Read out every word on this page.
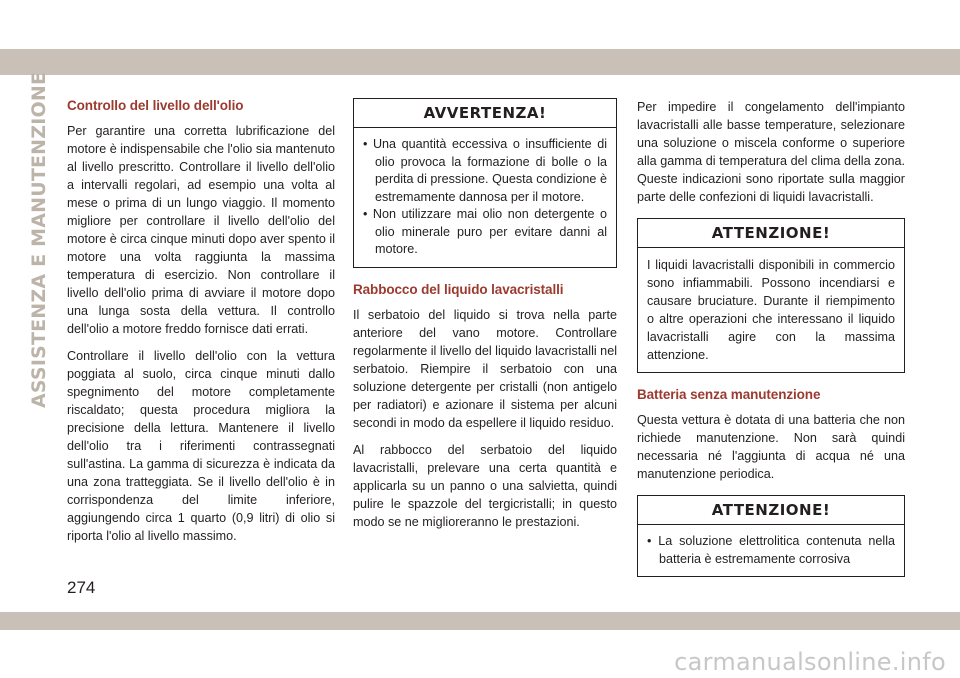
ASSISTENZA E MANUTENZIONE Controllo del livello dell'olio

Per garantire una corretta lubrificazione del motore è indispensabile che l'olio sia mantenuto al livello prescritto. Controllare il livello dell'olio a intervalli regolari, ad esempio una volta al mese o prima di un lungo viaggio. Il momento migliore per controllare il livello dell'olio del motore è circa cinque minuti dopo aver spento il motore una volta raggiunta la massima temperatura di esercizio. Non controllare il livello dell'olio prima di avviare il motore dopo una lunga sosta della vettura. Il controllo dell'olio a motore freddo fornisce dati errati.

Controllare il livello dell'olio con la vettura poggiata al suolo, circa cinque minuti dallo spegnimento del motore completamente riscaldato; questa procedura migliora la precisione della lettura. Mantenere il livello dell'olio tra i riferimenti contrassegnati sull'astina. La gamma di sicurezza è indicata da una zona tratteggiata. Se il livello dell'olio è in corrispondenza del limite inferiore, aggiungendo circa 1 quarto (0,9 litri) di olio si riporta l'olio al livello massimo.

AVVERTENZA!
• Una quantità eccessiva o insufficiente di olio provoca la formazione di bolle o la perdita di pressione. Questa condizione è estremamente dannosa per il motore.
• Non utilizzare mai olio non detergente o olio minerale puro per evitare danni al motore.
Rabbocco del liquido lavacristalli

Il serbatoio del liquido si trova nella parte anteriore del vano motore. Controllare regolarmente il livello del liquido lavacristalli nel serbatoio. Riempire il serbatoio con una soluzione detergente per cristalli (non antigelo per radiatori) e azionare il sistema per alcuni secondi in modo da espellere il liquido residuo.

Al rabbocco del serbatoio del liquido lavacristalli, prelevare una certa quantità e applicarla su un panno o una salvietta, quindi pulire le spazzole del tergicristalli; in questo modo se ne miglioreranno le prestazioni.

Per impedire il congelamento dell'impianto lavacristalli alle basse temperature, selezionare una soluzione o miscela conforme o superiore alla gamma di temperatura del clima della zona. Queste indicazioni sono riportate sulla maggior parte delle confezioni di liquidi lavacristalli.

ATTENZIONE!

I liquidi lavacristalli disponibili in commercio sono infiammabili. Possono incendiarsi e causare bruciature. Durante il riempimento o altre operazioni che interessano il liquido lavacristalli agire con la massima attenzione.

Batteria senza manutenzione

Questa vettura è dotata di una batteria che non richiede manutenzione. Non sarà quindi necessaria né l'aggiunta di acqua né una manutenzione periodica.

ATTENZIONE!
• La soluzione elettrolitica contenuta nella batteria è estremamente corrosiva
274
carmanualsonline.info
